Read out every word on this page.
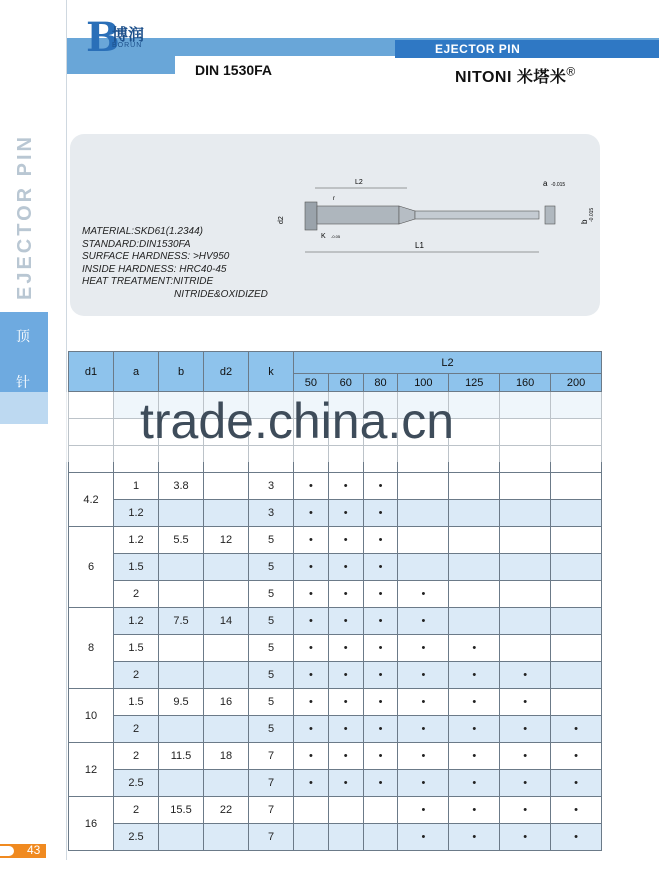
EJECTOR PIN
B
博润
BORUN
DIN 1530FA	NITONI 米塔米®
EJECTOR PIN
顶
针
MATERIAL:SKD61(1.2344)
STANDARD:DIN1530FA
SURFACE HARDNESS: >HV950
INSIDE HARDNESS: HRC40-45
HEAT TREATMENT:NITRIDE
NITRIDE&OXIDIZED
L2
L1
r
K -0.05
d2
a -0.015
b -0.015
d1	a	b	d2	k	L2						
					50	60	80	100	125	160	200

4.2	1	3.8		3	•	•	•				
	1.2			3	•	•	•				
6	1.2	5.5	12	5	•	•	•				
	1.5			5	•	•	•				
	2			5	•	•	•	•			
8	1.2	7.5	14	5	•	•	•	•			
	1.5			5	•	•	•	•	•		
	2			5	•	•	•	•	•	•	
10	1.5	9.5	16	5	•	•	•	•	•	•	
	2			5	•	•	•	•	•	•	•
12	2	11.5	18	7	•	•	•	•	•	•	•
	2.5			7	•	•	•	•	•	•	•
16	2	15.5	22	7				•	•	•	•
	2.5			7				•	•	•	•
trade.china.cn
43
